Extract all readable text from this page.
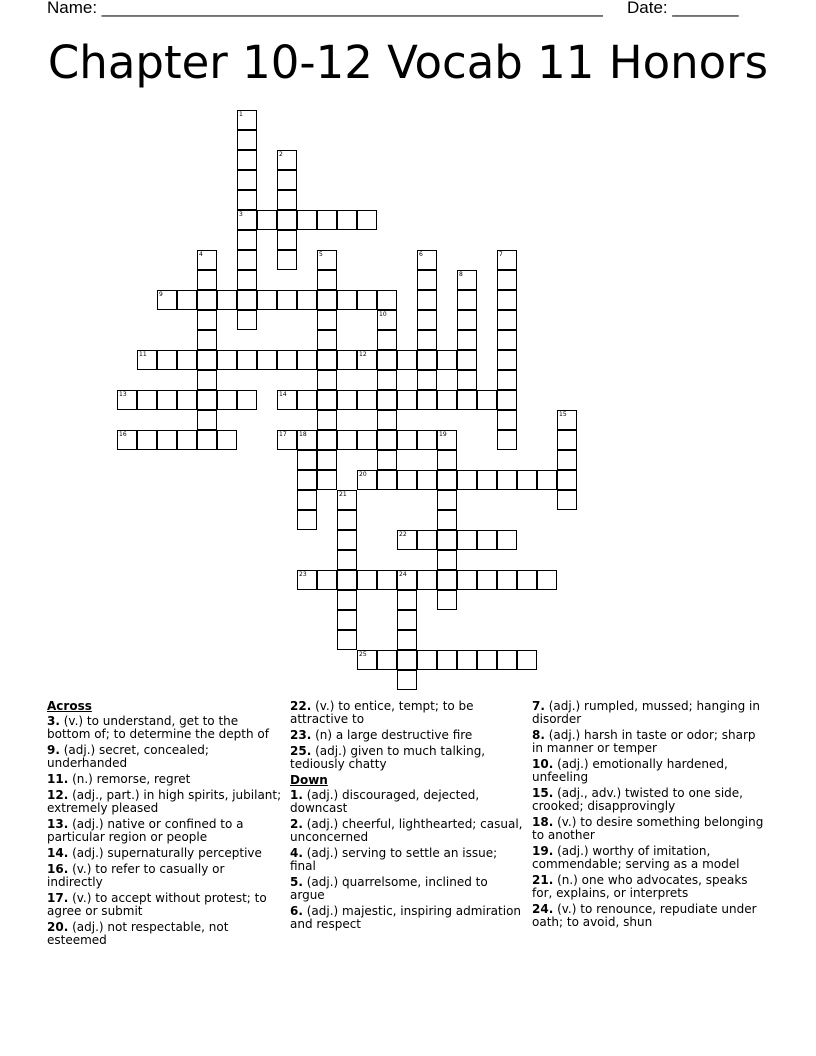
Name: _____________________________________________________ Date: _______
Chapter 10-12 Vocab 11 Honors
1
3
2
4	5	6	7
8
9
10
11	12
13	14
15
16	17 18	19
20
21
22
23	24
25
Across
3. (v.) to understand, get to the bottom of; to determine the depth of
9. (adj.) secret, concealed; underhanded
11. (n.) remorse, regret
12. (adj., part.) in high spirits, jubilant; extremely pleased
13. (adj.) native or confined to a particular region or people
14. (adj.) supernaturally perceptive
16. (v.) to refer to casually or indirectly
17. (v.) to accept without protest; to agree or submit
20. (adj.) not respectable, not esteemed
22. (v.) to entice, tempt; to be attractive to
23. (n) a large destructive fire
25. (adj.) given to much talking, tediously chatty
Down
1. (adj.) discouraged, dejected, downcast
2. (adj.) cheerful, lighthearted; casual, unconcerned
4. (adj.) serving to settle an issue; final
5. (adj.) quarrelsome, inclined to argue
6. (adj.) majestic, inspiring admiration and respect
7. (adj.) rumpled, mussed; hanging in disorder
8. (adj.) harsh in taste or odor; sharp in manner or temper
10. (adj.) emotionally hardened, unfeeling
15. (adj., adv.) twisted to one side, crooked; disapprovingly
18. (v.) to desire something belonging to another
19. (adj.) worthy of imitation, commendable; serving as a model
21. (n.) one who advocates, speaks for, explains, or interprets
24. (v.) to renounce, repudiate under oath; to avoid, shun
